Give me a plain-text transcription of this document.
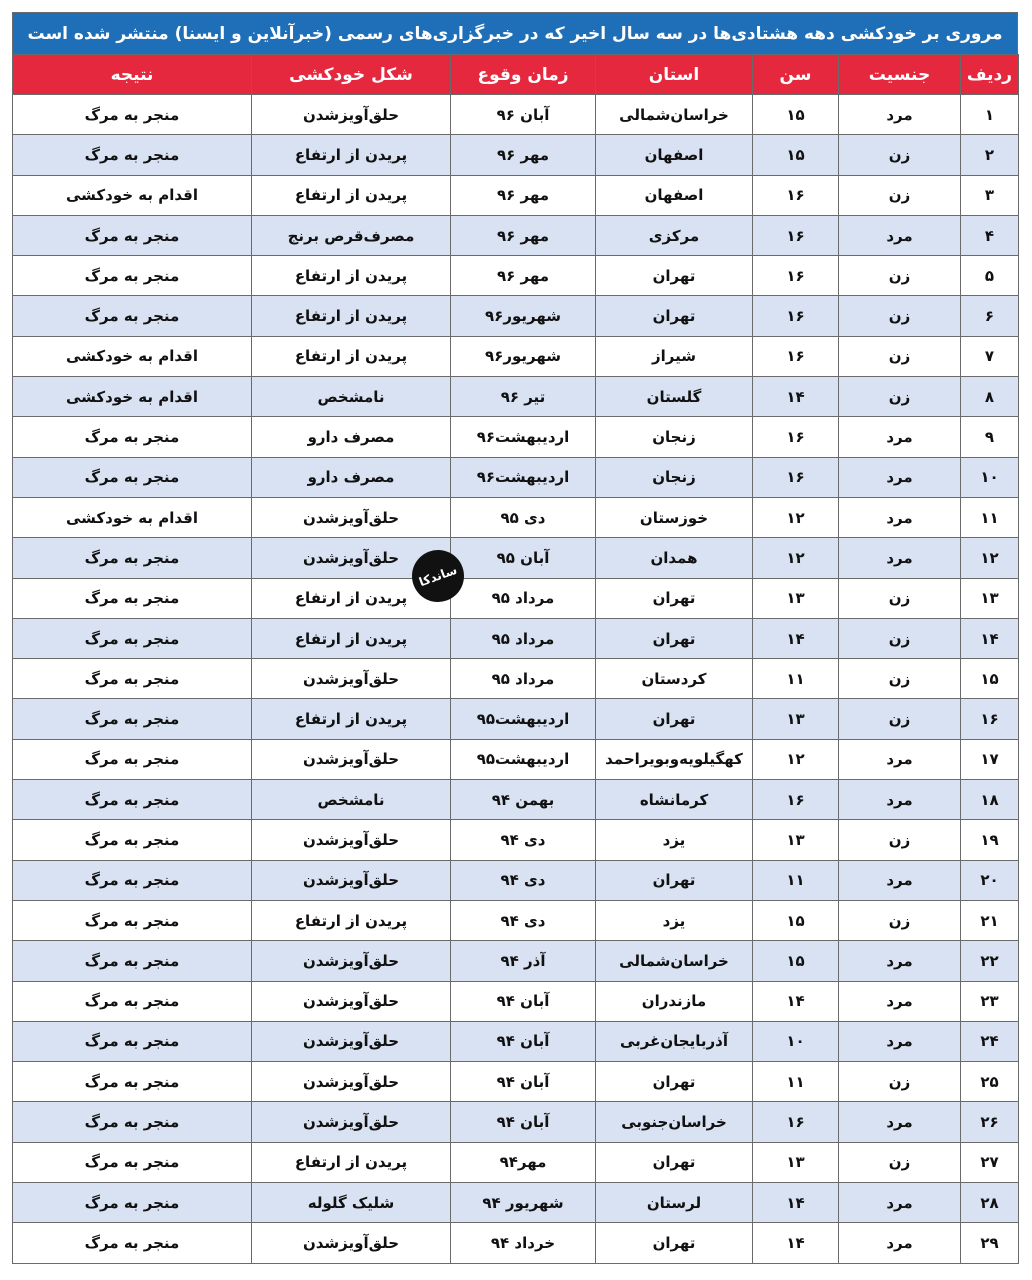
مروری بر خودکشی دهه هشتادی‌ها در سه سال اخیر که در خبرگزاری‌های رسمی (خبرآنلاین و ایسنا) منتشر شده است
ردیف	جنسیت	سن	استان	زمان وقوع	شکل خودکشی	نتیجه
۱	مرد	۱۵	خراسان‌شمالی	آبان ۹۶	حلق‌آویزشدن	منجر به مرگ
۲	زن	۱۵	اصفهان	مهر ۹۶	پریدن از ارتفاع	منجر به مرگ
۳	زن	۱۶	اصفهان	مهر ۹۶	پریدن از ارتفاع	اقدام به خودکشی
۴	مرد	۱۶	مرکزی	مهر ۹۶	مصرف‌قرص برنج	منجر به مرگ
۵	زن	۱۶	تهران	مهر ۹۶	پریدن از ارتفاع	منجر به مرگ
۶	زن	۱۶	تهران	شهریور۹۶	پریدن از ارتفاع	منجر به مرگ
۷	زن	۱۶	شیراز	شهریور۹۶	پریدن از ارتفاع	اقدام به خودکشی
۸	زن	۱۴	گلستان	تیر ۹۶	نامشخص	اقدام به خودکشی
۹	مرد	۱۶	زنجان	اردیبهشت۹۶	مصرف دارو	منجر به مرگ
۱۰	مرد	۱۶	زنجان	اردیبهشت۹۶	مصرف دارو	منجر به مرگ
۱۱	مرد	۱۲	خوزستان	دی ۹۵	حلق‌آویزشدن	اقدام به خودکشی
۱۲	مرد	۱۲	همدان	آبان ۹۵	حلق‌آویزشدن	منجر به مرگ
۱۳	زن	۱۳	تهران	مرداد ۹۵	پریدن از ارتفاع	منجر به مرگ
۱۴	زن	۱۴	تهران	مرداد ۹۵	پریدن از ارتفاع	منجر به مرگ
۱۵	زن	۱۱	کردستان	مرداد ۹۵	حلق‌آویزشدن	منجر به مرگ
۱۶	زن	۱۳	تهران	اردیبهشت۹۵	پریدن از ارتفاع	منجر به مرگ
۱۷	مرد	۱۲	کهگیلویه‌وبویراحمد	اردیبهشت۹۵	حلق‌آویزشدن	منجر به مرگ
۱۸	مرد	۱۶	کرمانشاه	بهمن ۹۴	نامشخص	منجر به مرگ
۱۹	زن	۱۳	یزد	دی ۹۴	حلق‌آویزشدن	منجر به مرگ
۲۰	مرد	۱۱	تهران	دی ۹۴	حلق‌آویزشدن	منجر به مرگ
۲۱	زن	۱۵	یزد	دی ۹۴	پریدن از ارتفاع	منجر به مرگ
۲۲	مرد	۱۵	خراسان‌شمالی	آذر ۹۴	حلق‌آویزشدن	منجر به مرگ
۲۳	مرد	۱۴	مازندران	آبان ۹۴	حلق‌آویزشدن	منجر به مرگ
۲۴	مرد	۱۰	آذربایجان‌غربی	آبان ۹۴	حلق‌آویزشدن	منجر به مرگ
۲۵	زن	۱۱	تهران	آبان ۹۴	حلق‌آویزشدن	منجر به مرگ
۲۶	مرد	۱۶	خراسان‌جنوبی	آبان ۹۴	حلق‌آویزشدن	منجر به مرگ
۲۷	زن	۱۳	تهران	مهر۹۴	پریدن از ارتفاع	منجر به مرگ
۲۸	مرد	۱۴	لرستان	شهریور ۹۴	شلیک گلوله	منجر به مرگ
۲۹	مرد	۱۴	تهران	خرداد ۹۴	حلق‌آویزشدن	منجر به مرگ
ساندکا
